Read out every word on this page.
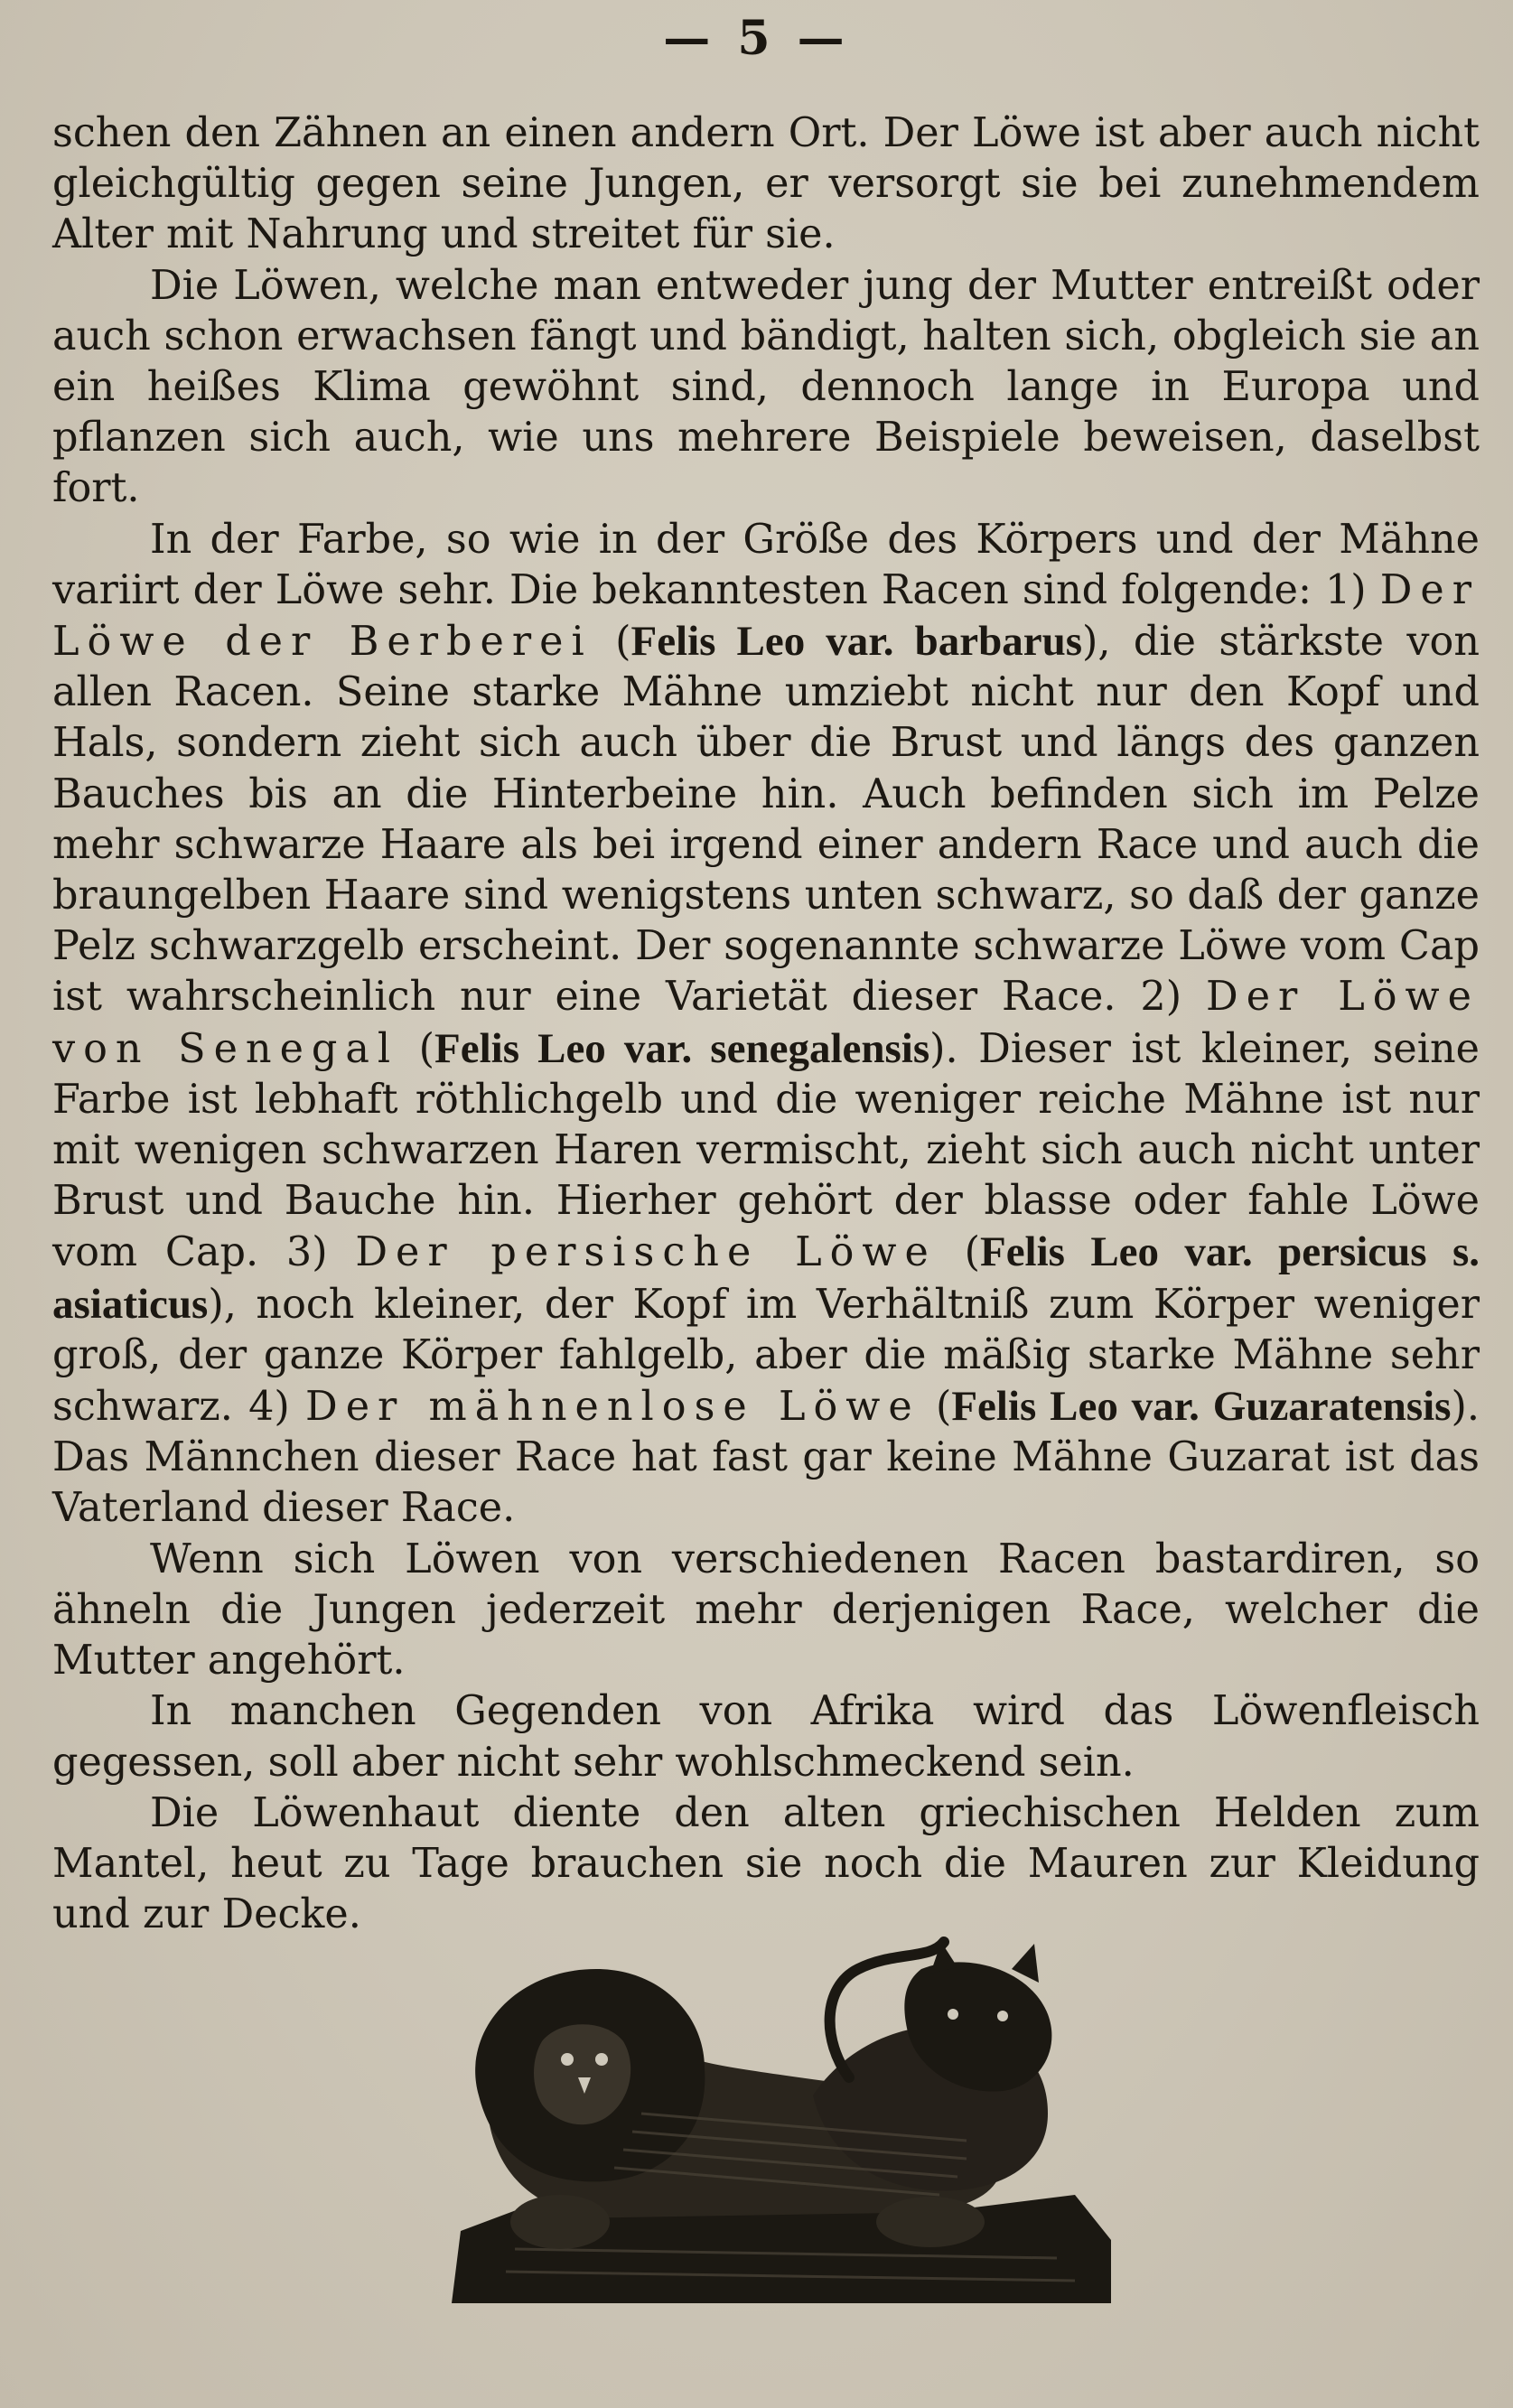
— 5 —

schen den Zähnen an einen andern Ort. Der Löwe ist aber auch nicht gleichgültig gegen seine Jungen, er versorgt sie bei zunehmendem Alter mit Nahrung und streitet für sie.

Die Löwen, welche man entweder jung der Mutter entreißt oder auch schon erwachsen fängt und bändigt, halten sich, obgleich sie an ein heißes Klima gewöhnt sind, dennoch lange in Europa und pflanzen sich auch, wie uns mehrere Beispiele beweisen, daselbst fort.

In der Farbe, so wie in der Größe des Körpers und der Mähne variirt der Löwe sehr. Die bekanntesten Racen sind folgende: 1) Der Löwe der Berberei (Felis Leo var. barbarus), die stärkste von allen Racen. Seine starke Mähne umziebt nicht nur den Kopf und Hals, sondern zieht sich auch über die Brust und längs des ganzen Bauches bis an die Hinterbeine hin. Auch befinden sich im Pelze mehr schwarze Haare als bei irgend einer andern Race und auch die braungelben Haare sind wenigstens unten schwarz, so daß der ganze Pelz schwarzgelb erscheint. Der sogenannte schwarze Löwe vom Cap ist wahrscheinlich nur eine Varietät dieser Race. 2) Der Löwe von Senegal (Felis Leo var. senegalensis). Dieser ist kleiner, seine Farbe ist lebhaft röthlichgelb und die weniger reiche Mähne ist nur mit wenigen schwarzen Haren vermischt, zieht sich auch nicht unter Brust und Bauche hin. Hierher gehört der blasse oder fahle Löwe vom Cap. 3) Der persische Löwe (Felis Leo var. persicus s. asiaticus), noch kleiner, der Kopf im Verhältniß zum Körper weniger groß, der ganze Körper fahlgelb, aber die mäßig starke Mähne sehr schwarz. 4) Der mähnenlose Löwe (Felis Leo var. Guzaratensis). Das Männchen dieser Race hat fast gar keine Mähne Guzarat ist das Vaterland dieser Race.

Wenn sich Löwen von verschiedenen Racen bastardiren, so ähneln die Jungen jederzeit mehr derjenigen Race, welcher die Mutter angehört.

In manchen Gegenden von Afrika wird das Löwenfleisch gegessen, soll aber nicht sehr wohlschmeckend sein.

Die Löwenhaut diente den alten griechischen Helden zum Mantel, heut zu Tage brauchen sie noch die Mauren zur Kleidung und zur Decke.
